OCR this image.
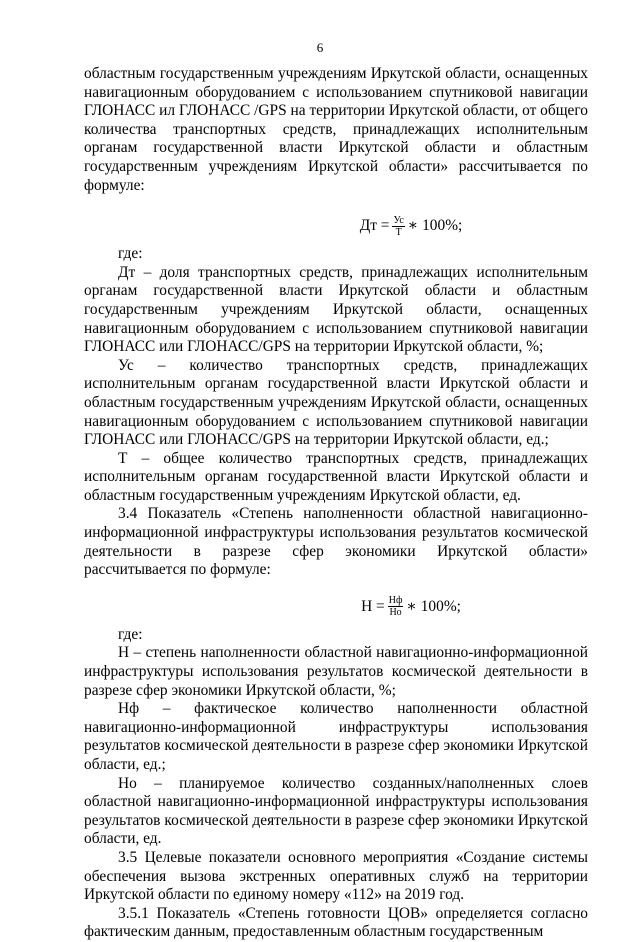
6

областным государственным учреждениям Иркутской области, оснащенных навигационным оборудованием с использованием спутниковой навигации ГЛОНАСС ил ГЛОНАСС /GPS на территории Иркутской области, от общего количества транспортных средств, принадлежащих исполнительным органам государственной власти Иркутской области и областным государственным учреждениям Иркутской области» рассчитывается по формуле:

Дт = $\frac{Ус}{Т}$ ∗ 100%;

где:

Дт – доля транспортных средств, принадлежащих исполнительным органам государственной власти Иркутской области и областным государственным учреждениям Иркутской области, оснащенных навигационным оборудованием с использованием спутниковой навигации ГЛОНАСС или ГЛОНАСС/GPS на территории Иркутской области, %;

Ус – количество транспортных средств, принадлежащих исполнительным органам государственной власти Иркутской области и областным государственным учреждениям Иркутской области, оснащенных навигационным оборудованием с использованием спутниковой навигации ГЛОНАСС или ГЛОНАСС/GPS на территории Иркутской области, ед.;

Т – общее количество транспортных средств, принадлежащих исполнительным органам государственной власти Иркутской области и областным государственным учреждениям Иркутской области, ед.

3.4 Показатель «Степень наполненности областной навигационно-информационной инфраструктуры использования результатов космической деятельности в разрезе сфер экономики Иркутской области» рассчитывается по формуле:

$Н = \frac{Нф}{Но}$ ∗ 100%;

где:

Н – степень наполненности областной навигационно-информационной инфраструктуры использования результатов космической деятельности в разрезе сфер экономики Иркутской области, %;

Нф – фактическое количество наполненности областной навигационно-информационной инфраструктуры использования результатов космической деятельности в разрезе сфер экономики Иркутской области, ед.;

Но – планируемое количество созданных/наполненных слоев областной навигационно-информационной инфраструктуры использования результатов космической деятельности в разрезе сфер экономики Иркутской области, ед.

3.5 Целевые показатели основного мероприятия «Создание системы обеспечения вызова экстренных оперативных служб на территории Иркутской области по единому номеру «112» на 2019 год.

3.5.1 Показатель «Степень готовности ЦОВ» определяется согласно фактическим данным, предоставленным областным государственным
